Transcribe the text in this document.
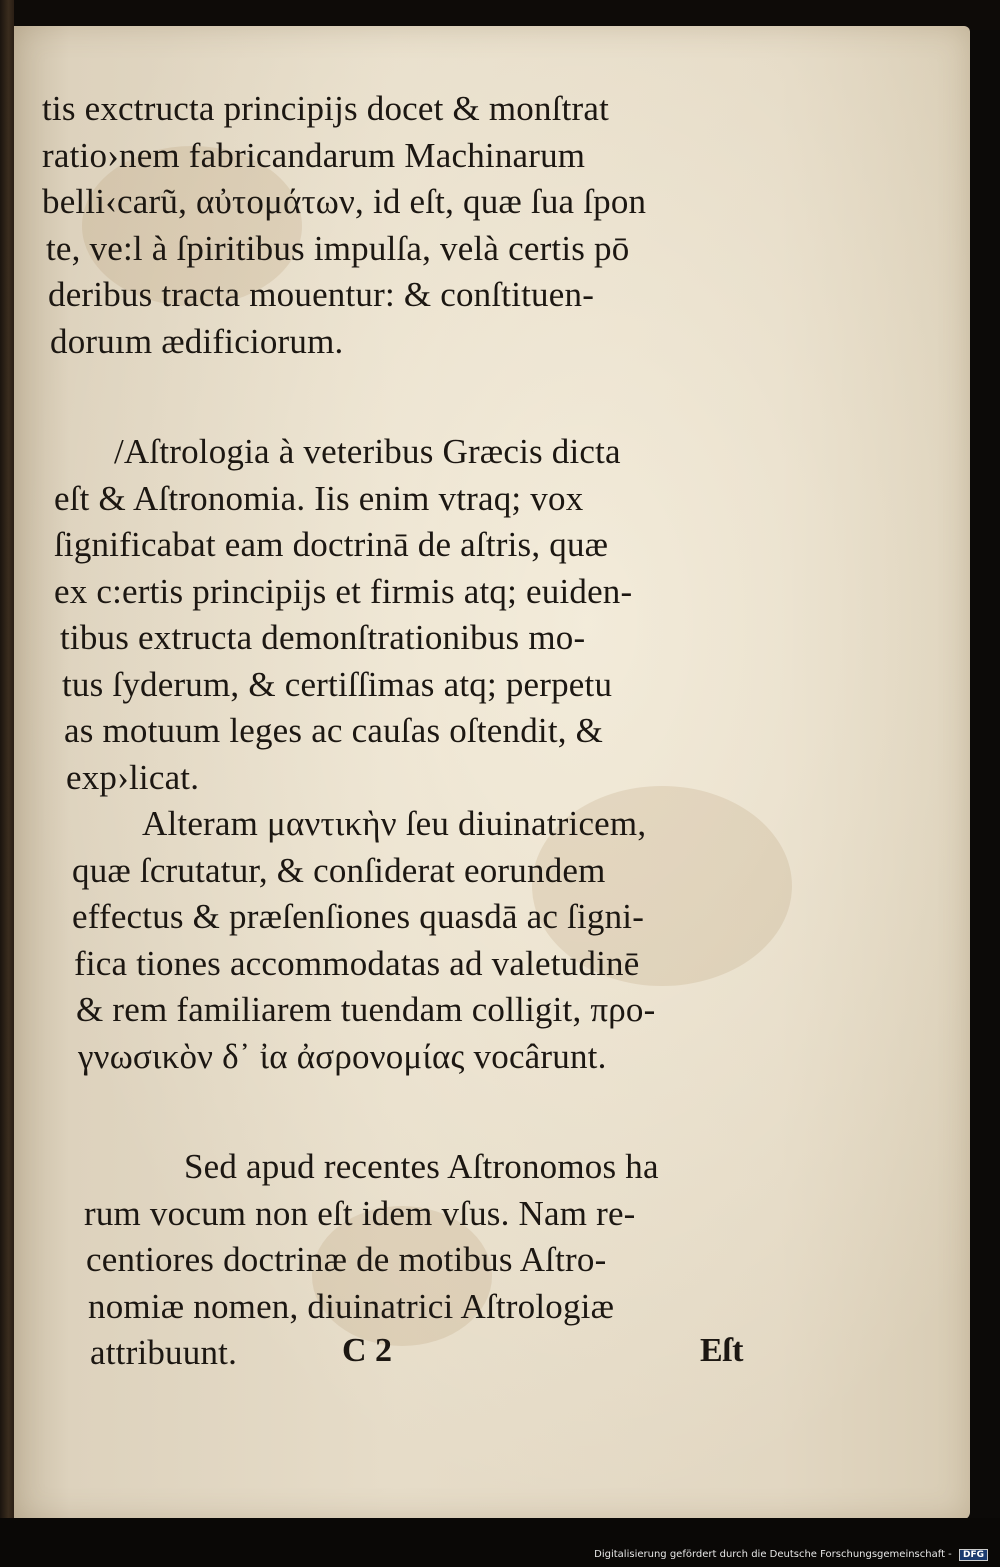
tis exctructa principijs docet & monſtrat
ratio›nem fabricandarum Machinarum
belli‹carũ, αὐτομάτων, id eſt, quæ ſua ſpon
te, ve:l à ſpiritibus impulſa, velà certis pō
deri‌bus tracta mouentur: & conſtituen-
doruım ædificiorum.
/Aſtrologia à veteribus Græcis dicta
eſt & Aſtronomia. Iis enim vtraq; vox
ſignificabat eam doctrinā de aſtris, quæ
ex c:ertis principijs et firmis atq; euiden-
tibus extructa demonſtrationibus mo-
tus ſyderum, & certiſſimas atq; perpetu
as motuum leges ac cauſas oſtendit, &
exp›licat.
Alteram μαντικὴν ſeu diuinatricem,
quæ ſcrutatur, & conſiderat eorundem
effectus & præſenſiones quasdā ac ſigni-
fica tiones accommodatas ad valetudinē
& rem familiarem tuendam colligit, προ-
γνωσικὸν δ᾽ ἰα ἀσρονομίας vocârunt.
Sed apud recentes Aſtronomos ha
rum vocum non eſt idem vſus. Nam re-
centiores doctrinæ de motibus Aſtro-
nomiæ nomen, diuinatrici Aſtrologiæ
attribuunt.	C 2	Eſt
Digitalisierung gefördert durch die Deutsche Forschungsgemeinschaft - DFG
